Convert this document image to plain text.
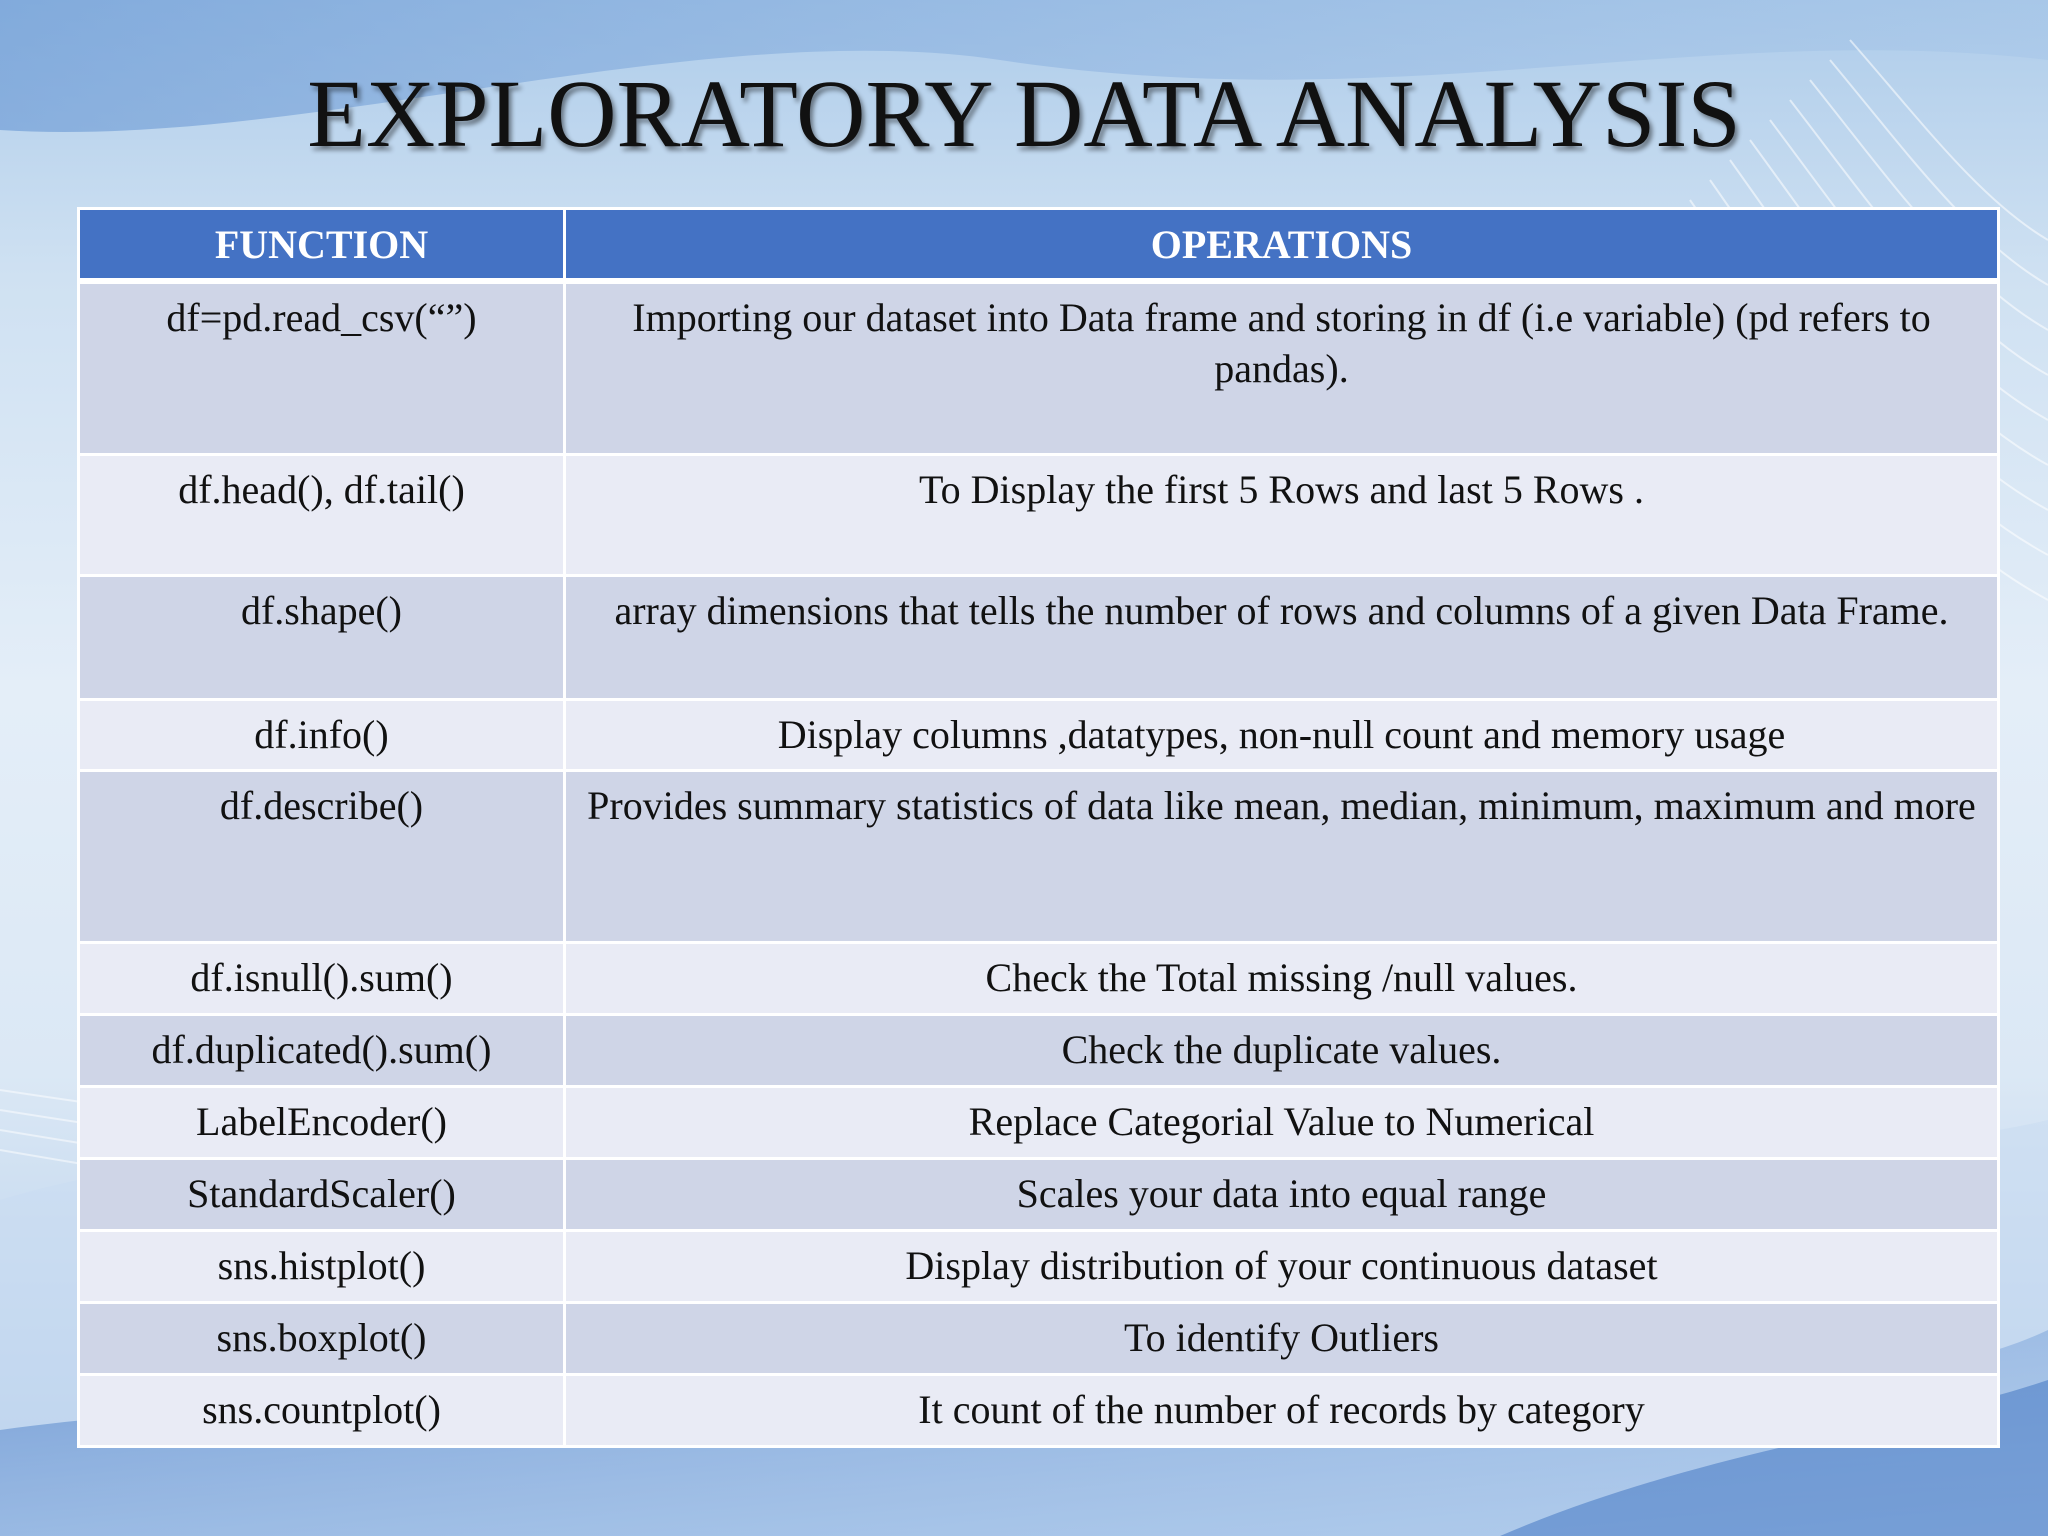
EXPLORATORY DATA ANALYSIS
FUNCTION	OPERATIONS
df=pd.read_csv(“”)	Importing our dataset into Data frame and storing in df (i.e variable) (pd refers to pandas).
df.head(), df.tail()	To Display the first 5 Rows and last 5 Rows .
df.shape()	array dimensions that tells the number of rows and columns of a given Data Frame.
df.info()	Display columns ,datatypes, non-null count and memory usage
df.describe()	Provides summary statistics of data like mean, median, minimum, maximum and more
df.isnull().sum()	Check the Total missing /null values.
df.duplicated().sum()	Check the duplicate values.
LabelEncoder()	Replace Categorial Value to Numerical
StandardScaler()	Scales your data into equal range
sns.histplot()	Display distribution of your continuous dataset
sns.boxplot()	To identify Outliers
sns.countplot()	It count of the number of records by category
